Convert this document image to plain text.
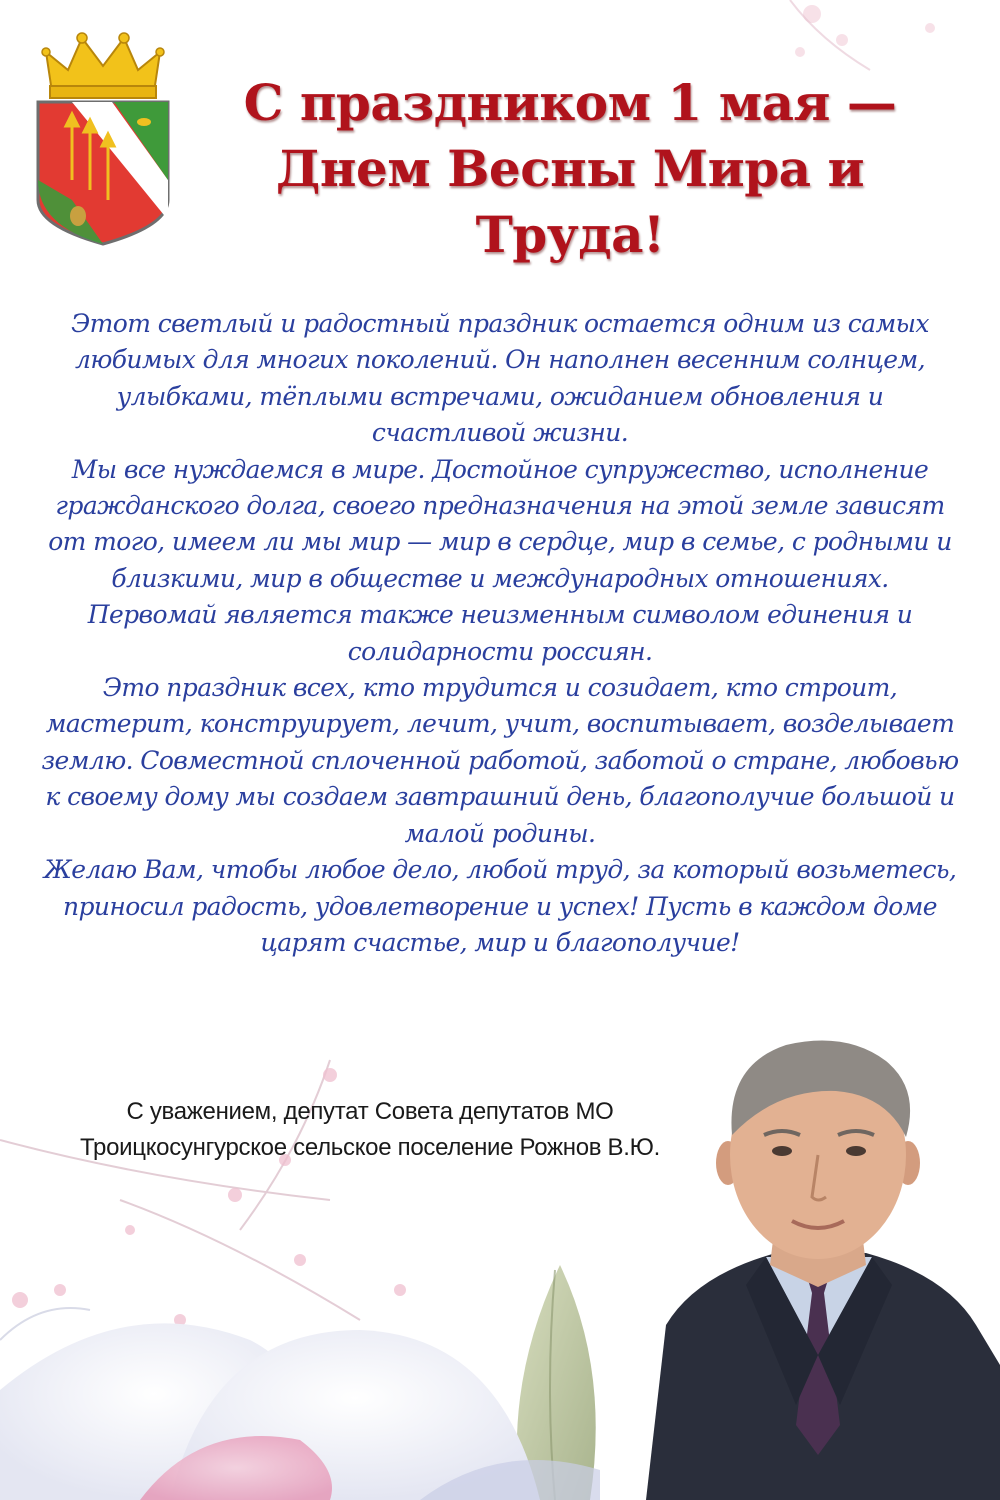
С праздником 1 мая —
Днем Весны Мира и
Труда!

Этот светлый и радостный праздник остается одним из самых любимых для многих поколений. Он наполнен весенним солнцем, улыбками, тёплыми встречами, ожиданием обновления и счастливой жизни.

Мы все нуждаемся в мире. Достойное супружество, исполнение гражданского долга, своего предназначения на этой земле зависят от того, имеем ли мы мир — мир в сердце, мир в семье, с родными и близкими, мир в обществе и международных отношениях.

Первомай является также неизменным символом единения и солидарности россиян.

Это праздник всех, кто трудится и созидает, кто строит, мастерит, конструирует, лечит, учит, воспитывает, возделывает землю. Совместной сплоченной работой, заботой о стране, любовью к своему дому мы создаем завтрашний день, благополучие большой и малой родины.

Желаю Вам, чтобы любое дело, любой труд, за который возьметесь, приносил радость, удовлетворение и успех! Пусть в каждом доме царят счастье, мир и благополучие!

С уважением, депутат Совета депутатов МО
Троицкосунгурское сельское поселение Рожнов В.Ю.
